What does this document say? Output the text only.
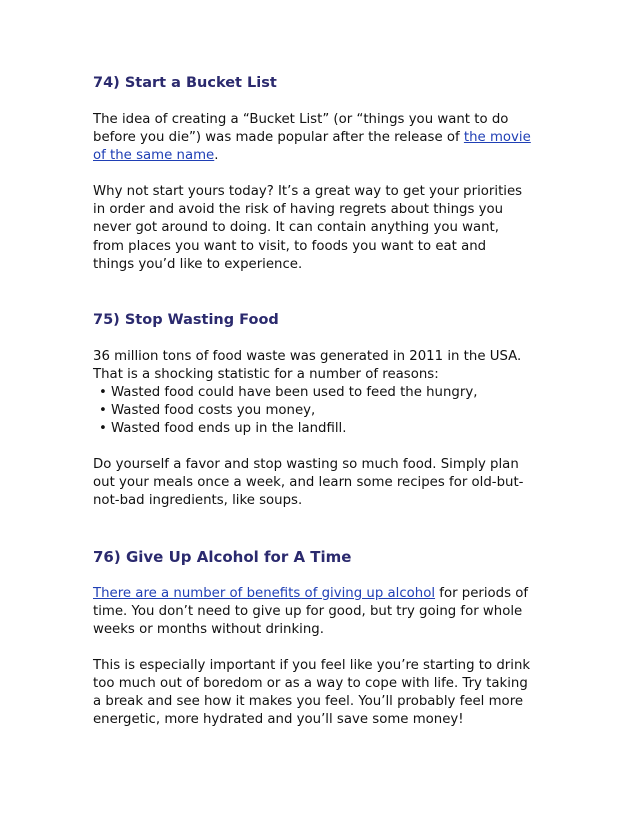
74) Start a Bucket List
The idea of creating a “Bucket List” (or “things you want to do
before you die”) was made popular after the release of the movie
of the same name.
Why not start yours today? It’s a great way to get your priorities
in order and avoid the risk of having regrets about things you
never got around to doing. It can contain anything you want,
from places you want to visit, to foods you want to eat and
things you’d like to experience.
75) Stop Wasting Food
36 million tons of food waste was generated in 2011 in the USA.
That is a shocking statistic for a number of reasons:
• Wasted food could have been used to feed the hungry,
• Wasted food costs you money,
• Wasted food ends up in the landfill.
Do yourself a favor and stop wasting so much food. Simply plan
out your meals once a week, and learn some recipes for old-but-
not-bad ingredients, like soups.
76) Give Up Alcohol for A Time
There are a number of benefits of giving up alcohol for periods of
time. You don’t need to give up for good, but try going for whole
weeks or months without drinking.
This is especially important if you feel like you’re starting to drink
too much out of boredom or as a way to cope with life. Try taking
a break and see how it makes you feel. You’ll probably feel more
energetic, more hydrated and you’ll save some money!
